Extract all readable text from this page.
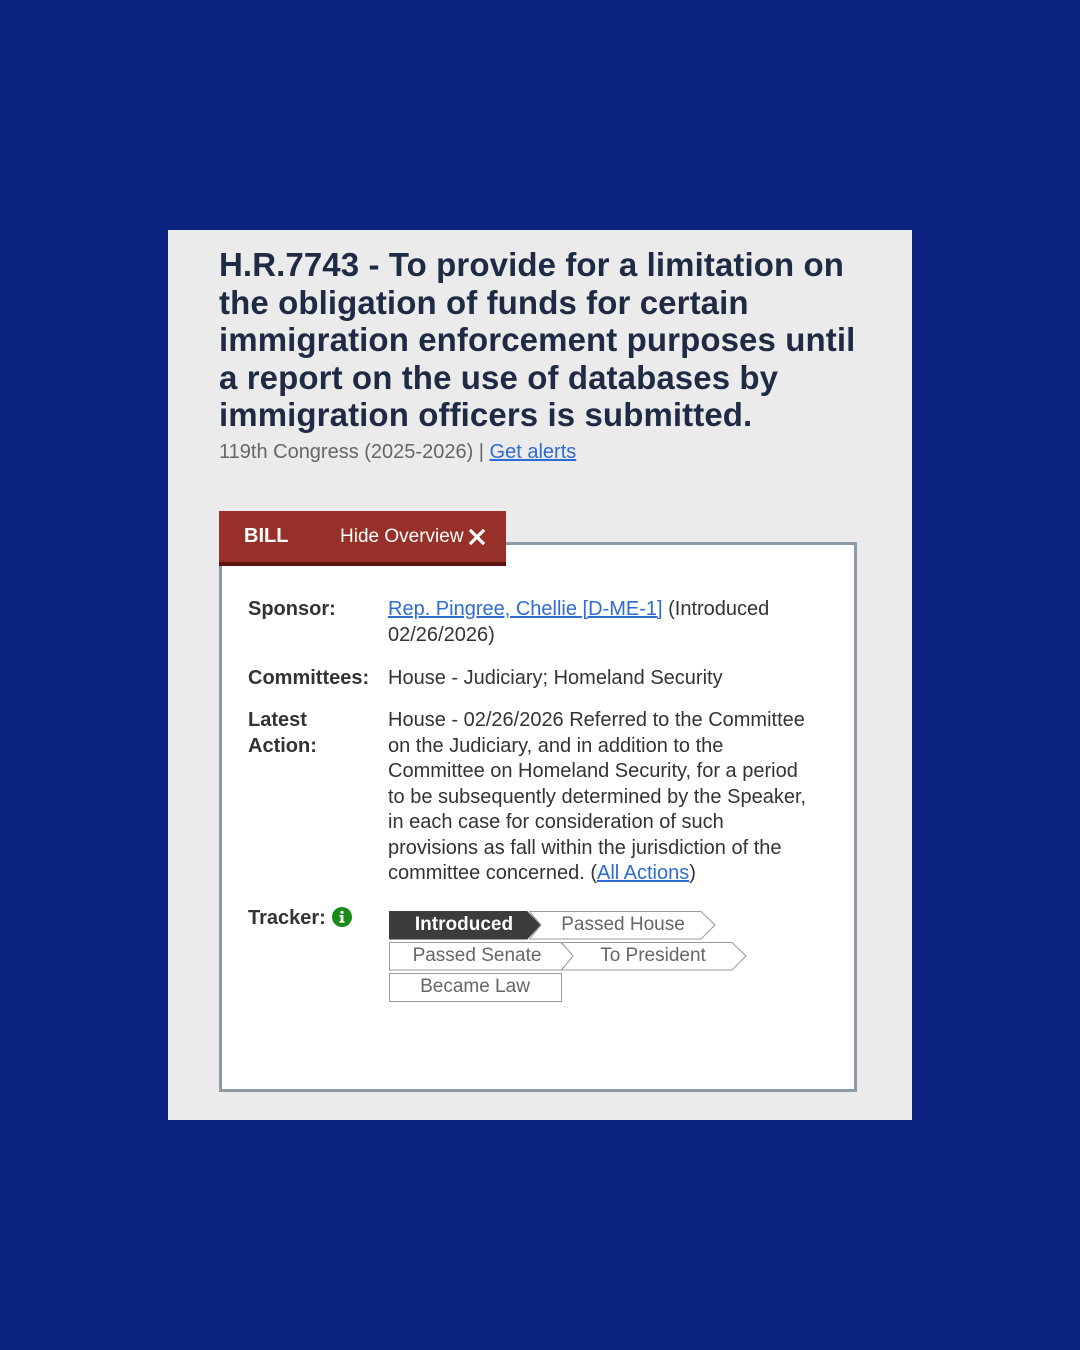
H.R.7743 - To provide for a limitation on the obligation of funds for certain immigration enforcement purposes until a report on the use of databases by immigration officers is submitted.
119th Congress (2025-2026) | Get alerts
Sponsor:	Rep. Pingree, Chellie [D-ME-1] (Introduced 02/26/2026)
Committees: House - Judiciary; Homeland Security
Latest Action:
House - 02/26/2026 Referred to the Committee on the Judiciary, and in addition to the Committee on Homeland Security, for a period to be subsequently determined by the Speaker, in each case for consideration of such provisions as fall within the jurisdiction of the committee concerned. (All Actions)
Tracker:	Introduced	Passed House
Passed Senate	To President
Became Law
BILL	Hide Overview
